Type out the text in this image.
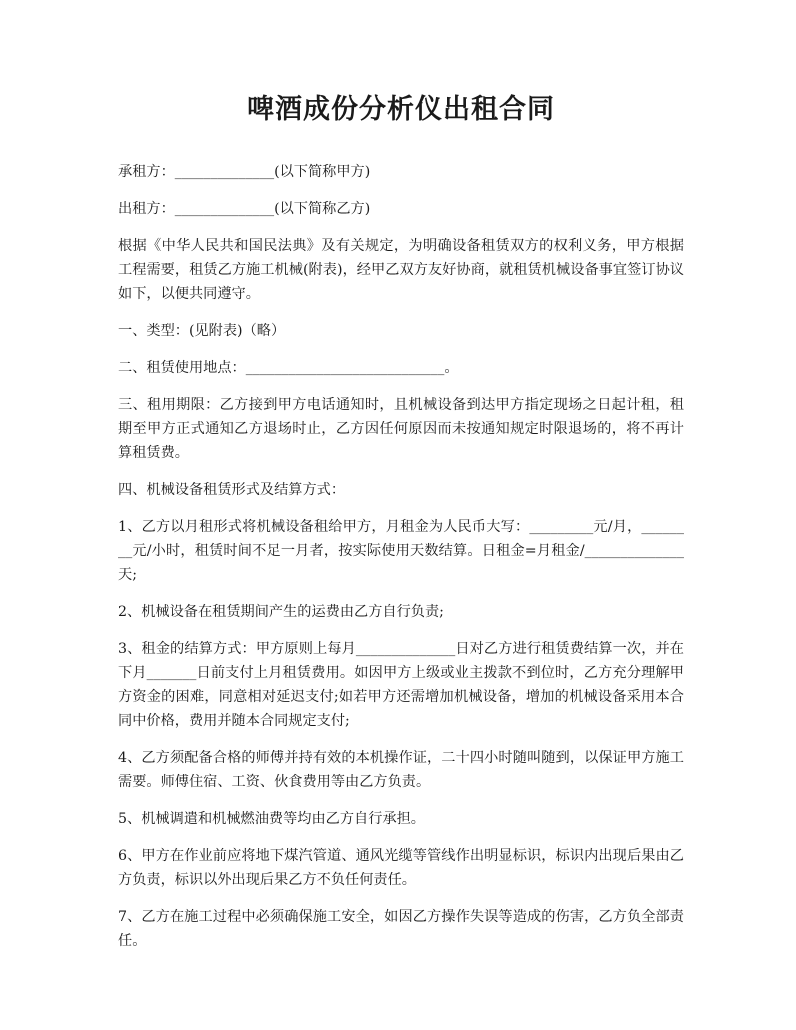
啤酒成份分析仪出租合同

承租方：______________(以下简称甲方)

出租方：______________(以下简称乙方)

根据《中华人民共和国民法典》及有关规定，为明确设备租赁双方的权利义务，甲方根据工程需要，租赁乙方施工机械(附表)，经甲乙双方友好协商，就租赁机械设备事宜签订协议如下，以便共同遵守。

一、类型：(见附表)（略）

二、租赁使用地点：____________________________。

三、租用期限：乙方接到甲方电话通知时，且机械设备到达甲方指定现场之日起计租，租期至甲方正式通知乙方退场时止，乙方因任何原因而未按通知规定时限退场的，将不再计算租赁费。

四、机械设备租赁形式及结算方式：

1、乙方以月租形式将机械设备租给甲方，月租金为人民币大写：_________元/月，________元/小时，租赁时间不足一月者，按实际使用天数结算。日租金=月租金/______________天;

2、机械设备在租赁期间产生的运费由乙方自行负责;

3、租金的结算方式：甲方原则上每月______________日对乙方进行租赁费结算一次，并在下月_______日前支付上月租赁费用。如因甲方上级或业主拨款不到位时，乙方充分理解甲方资金的困难，同意相对延迟支付;如若甲方还需增加机械设备，增加的机械设备采用本合同中价格，费用并随本合同规定支付;

4、乙方须配备合格的师傅并持有效的本机操作证，二十四小时随叫随到，以保证甲方施工需要。师傅住宿、工资、伙食费用等由乙方负责。

5、机械调遣和机械燃油费等均由乙方自行承担。

6、甲方在作业前应将地下煤汽管道、通风光缆等管线作出明显标识，标识内出现后果由乙方负责，标识以外出现后果乙方不负任何责任。

7、乙方在施工过程中必须确保施工安全，如因乙方操作失误等造成的伤害，乙方负全部责任。
